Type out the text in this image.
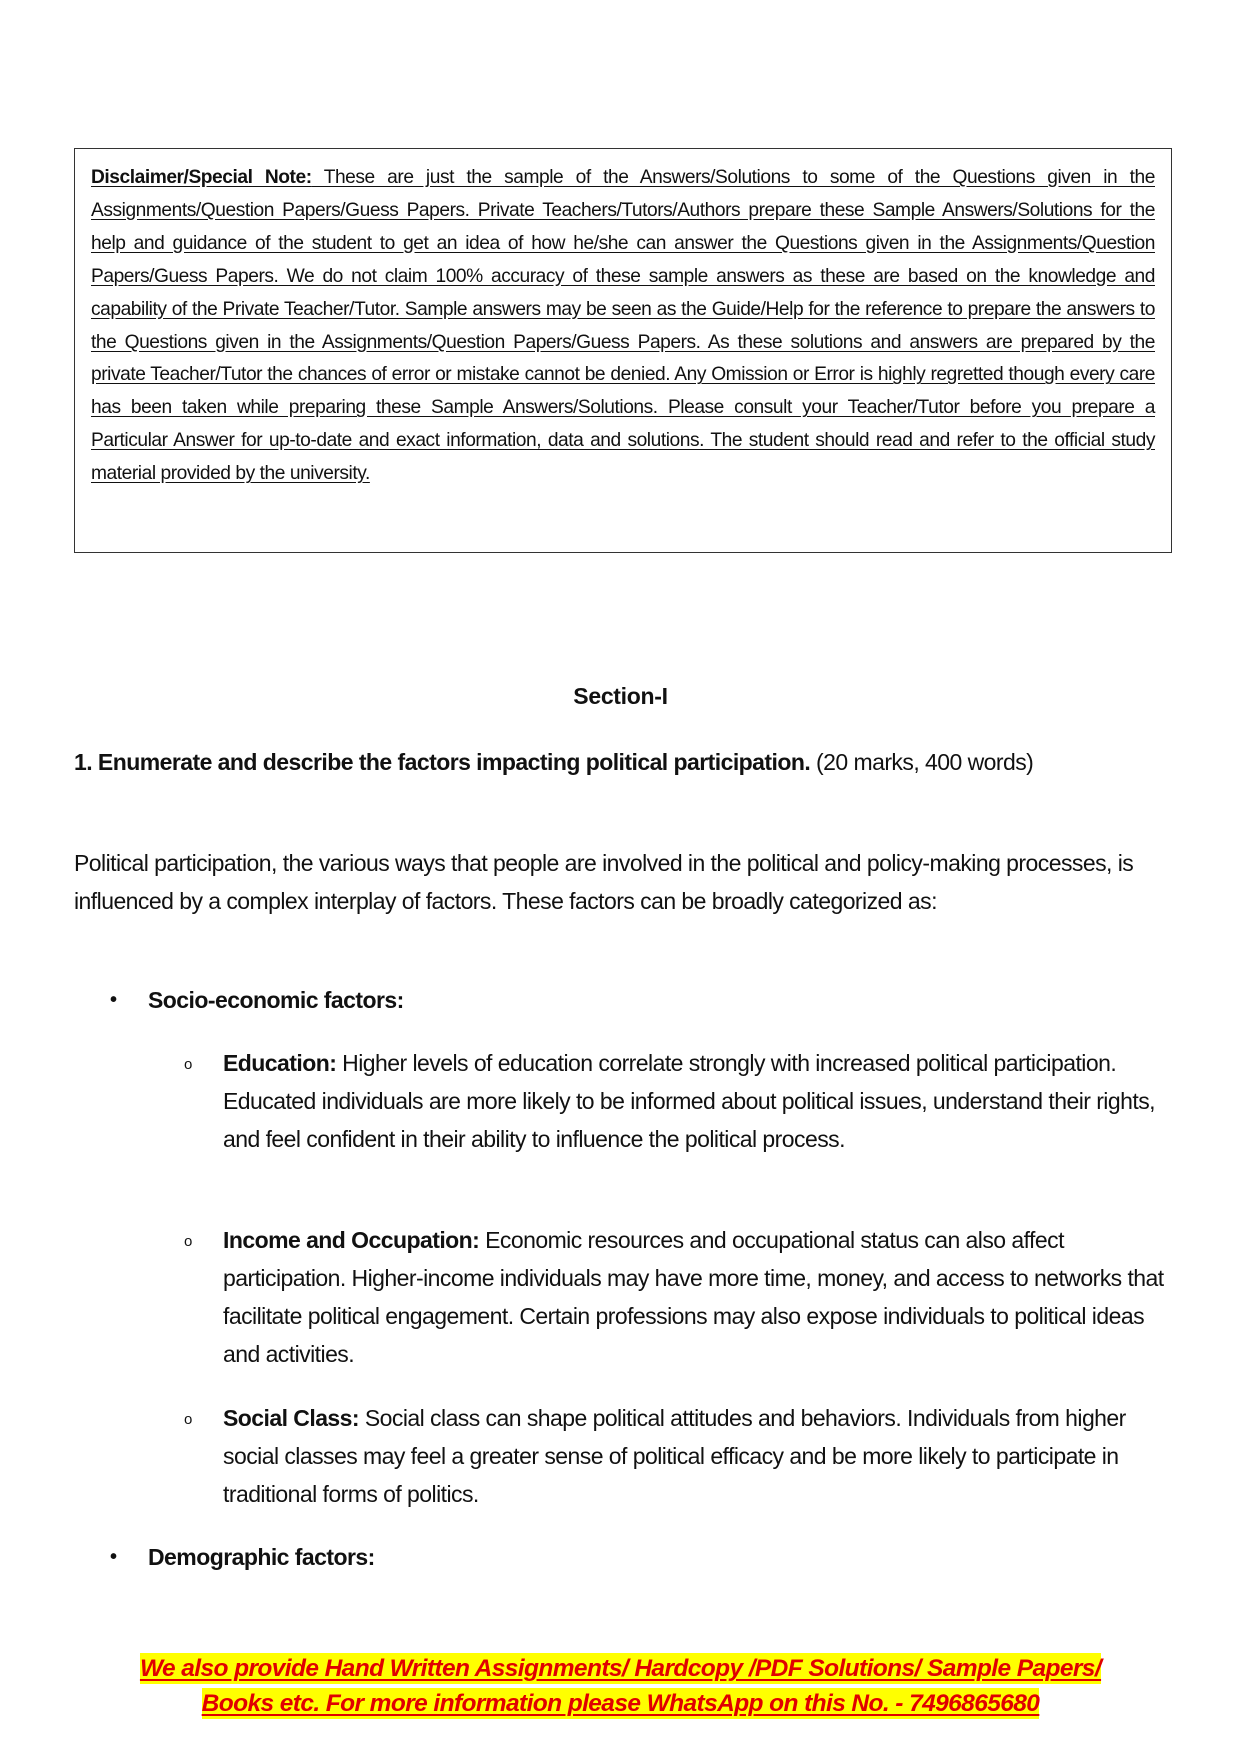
Disclaimer/Special Note: These are just the sample of the Answers/Solutions to some of the Questions given in the Assignments/Question Papers/Guess Papers. Private Teachers/Tutors/Authors prepare these Sample Answers/Solutions for the help and guidance of the student to get an idea of how he/she can answer the Questions given in the Assignments/Question Papers/Guess Papers. We do not claim 100% accuracy of these sample answers as these are based on the knowledge and capability of the Private Teacher/Tutor. Sample answers may be seen as the Guide/Help for the reference to prepare the answers to the Questions given in the Assignments/Question Papers/Guess Papers. As these solutions and answers are prepared by the private Teacher/Tutor the chances of error or mistake cannot be denied. Any Omission or Error is highly regretted though every care has been taken while preparing these Sample Answers/Solutions. Please consult your Teacher/Tutor before you prepare a Particular Answer for up-to-date and exact information, data and solutions. The student should read and refer to the official study material provided by the university.

Section-I

1. Enumerate and describe the factors impacting political participation. (20 marks, 400 words)

Political participation, the various ways that people are involved in the political and policy-making processes, is influenced by a complex interplay of factors. These factors can be broadly categorized as:

• Socio-economic factors:
o Education: Higher levels of education correlate strongly with increased political participation. Educated individuals are more likely to be informed about political issues, understand their rights, and feel confident in their ability to influence the political process.
o Income and Occupation: Economic resources and occupational status can also affect participation. Higher-income individuals may have more time, money, and access to networks that facilitate political engagement. Certain professions may also expose individuals to political ideas and activities.
o Social Class: Social class can shape political attitudes and behaviors. Individuals from higher social classes may feel a greater sense of political efficacy and be more likely to participate in traditional forms of politics.
• Demographic factors:
We also provide Hand Written Assignments/ Hardcopy /PDF Solutions/ Sample Papers/
Books etc. For more information please WhatsApp on this No. - 7496865680
